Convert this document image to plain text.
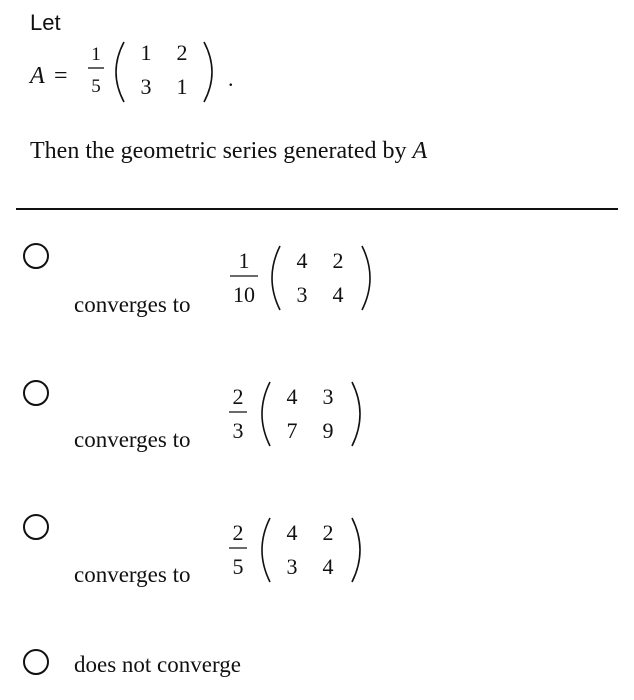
Let
A =
1
5
1 2
3 1 .
Then the geometric series generated by A
converges to
1
10
4 2
3 4
converges to
2
3
4 3
7 9
converges to
2
5
4 2
3 4
does not converge
